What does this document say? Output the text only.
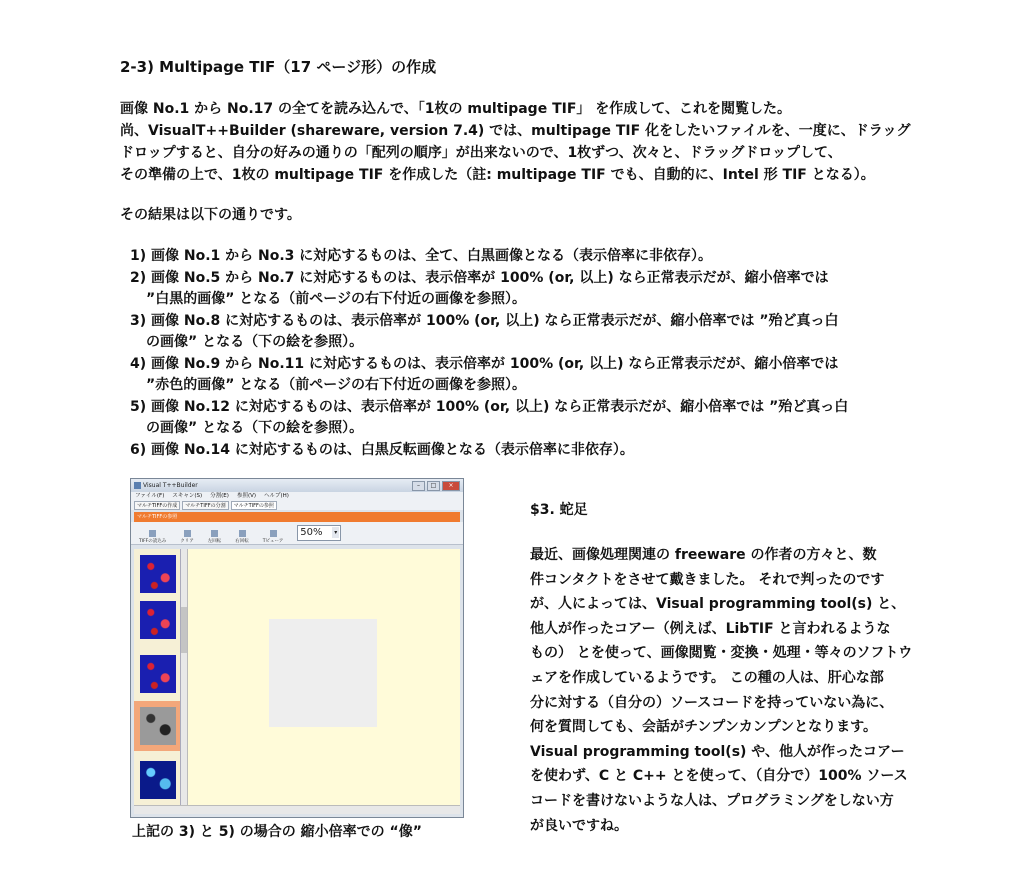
2-3) Multipage TIF（17 ページ形）の作成
画像 No.1 から No.17 の全てを読み込んで、「1枚の multipage TIF」 を作成して、これを閲覧した。
尚、VisualT++Builder (shareware, version 7.4) では、multipage TIF 化をしたいファイルを、一度に、ドラッグ
ドロップすると、自分の好みの通りの「配列の順序」が出来ないので、1枚ずつ、次々と、ドラッグドロップして、
その準備の上で、1枚の multipage TIF を作成した（註: multipage TIF でも、自動的に、Intel 形 TIF となる）。
その結果は以下の通りです。
1) 画像 No.1 から No.3 に対応するものは、全て、白黒画像となる（表示倍率に非依存）。
2) 画像 No.5 から No.7 に対応するものは、表示倍率が 100% (or, 以上) なら正常表示だが、縮小倍率では
”白黒的画像” となる（前ページの右下付近の画像を参照）。
3) 画像 No.8 に対応するものは、表示倍率が 100% (or, 以上) なら正常表示だが、縮小倍率では ”殆ど真っ白
の画像” となる（下の絵を参照）。
4) 画像 No.9 から No.11 に対応するものは、表示倍率が 100% (or, 以上) なら正常表示だが、縮小倍率では
”赤色的画像” となる（前ページの右下付近の画像を参照）。
5) 画像 No.12 に対応するものは、表示倍率が 100% (or, 以上) なら正常表示だが、縮小倍率では ”殆ど真っ白
の画像” となる（下の絵を参照）。
6) 画像 No.14 に対応するものは、白黒反転画像となる（表示倍率に非依存）。
Visual T++Builder	–	□	×
ファイル(F) スキャン(S) 分割(E) 参照(V) ヘルプ(H)
マルチTIFFの作成	マルチTIFFの分割	マルチTIFFの参照
マルチTIFFの参照
TIFFの読込み	クリア	左回転	右回転	Tビューア
50%	▾
上記の 3) と 5) の場合の 縮小倍率での “像”
$3. 蛇足
最近、画像処理関連の freeware の作者の方々と、数
件コンタクトをさせて戴きました。 それで判ったのです
が、人によっては、Visual programming tool(s) と、
他人が作ったコアー（例えば、LibTIF と言われるような
もの） とを使って、画像閲覧・変換・処理・等々のソフトウ
ェアを作成しているようです。 この種の人は、肝心な部
分に対する（自分の）ソースコードを持っていない為に、
何を質問しても、会話がチンプンカンプンとなります。
Visual programming tool(s) や、他人が作ったコアー
を使わず、C と C++ とを使って、（自分で）100% ソース
コードを書けないような人は、プログラミングをしない方
が良いですね。
